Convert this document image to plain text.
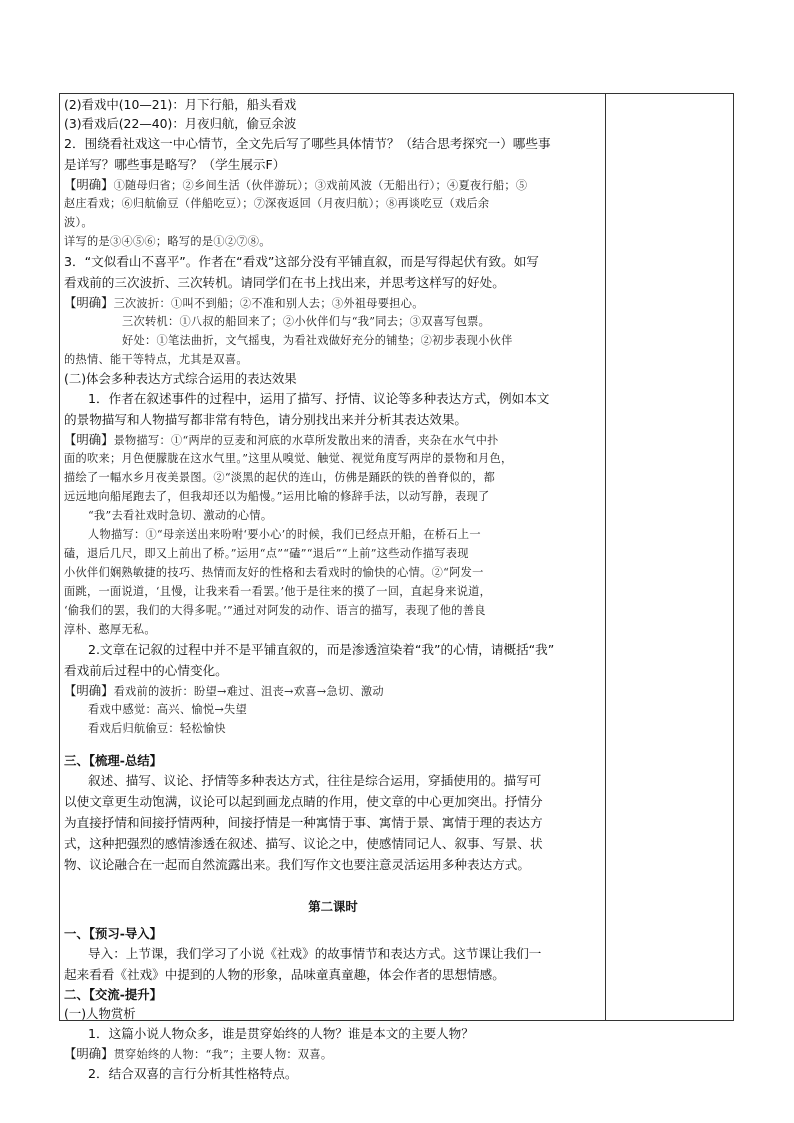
(2)看戏中(10—21)：月下行船，船头看戏
(3)看戏后(22—40)：月夜归航，偷豆余波
2．围绕看社戏这一中心情节，全文先后写了哪些具体情节？（结合思考探究一）哪些事
是详写？哪些事是略写？（学生展示F）
【明确】①随母归省；②乡间生活（伙伴游玩）；③戏前风波（无船出行）；④夏夜行船；⑤
赵庄看戏；⑥归航偷豆（伴船吃豆）；⑦深夜返回（月夜归航）；⑧再谈吃豆（戏后余
波）。
详写的是③④⑤⑥；略写的是①②⑦⑧。
3．“文似看山不喜平”。作者在“看戏”这部分没有平铺直叙，而是写得起伏有致。如写
看戏前的三次波折、三次转机。请同学们在书上找出来，并思考这样写的好处。
【明确】三次波折：①叫不到船；②不准和别人去；③外祖母要担心。
三次转机：①八叔的船回来了；②小伙伴们与“我”同去；③双喜写包票。
好处：①笔法曲折，文气摇曳，为看社戏做好充分的铺垫；②初步表现小伙伴
的热情、能干等特点，尤其是双喜。
(二)体会多种表达方式综合运用的表达效果
1．作者在叙述事件的过程中，运用了描写、抒情、议论等多种表达方式，例如本文
的景物描写和人物描写都非常有特色，请分别找出来并分析其表达效果。
【明确】景物描写：①“两岸的豆麦和河底的水草所发散出来的清香，夹杂在水气中扑
面的吹来；月色便朦胧在这水气里。”这里从嗅觉、触觉、视觉角度写两岸的景物和月色，
描绘了一幅水乡月夜美景图。②“淡黑的起伏的连山，仿佛是踊跃的铁的兽脊似的，都
远远地向船尾跑去了，但我却还以为船慢。”运用比喻的修辞手法，以动写静，表现了
“我”去看社戏时急切、激动的心情。
人物描写：①“母亲送出来吩咐‘要小心’的时候，我们已经点开船，在桥石上一
磕，退后几尺，即又上前出了桥。”运用“点”“磕”“退后”“上前”这些动作描写表现
小伙伴们娴熟敏捷的技巧、热情而友好的性格和去看戏时的愉快的心情。②“阿发一
面跳，一面说道，‘且慢，让我来看一看罢。’他于是往来的摸了一回，直起身来说道，
‘偷我们的罢，我们的大得多呢。’”通过对阿发的动作、语言的描写，表现了他的善良
淳朴、憨厚无私。
2.文章在记叙的过程中并不是平铺直叙的，而是渗透渲染着“我”的心情，请概括“我”
看戏前后过程中的心情变化。
【明确】看戏前的波折：盼望→难过、沮丧→欢喜→急切、激动
看戏中感觉：高兴、愉悦→失望
看戏后归航偷豆：轻松愉快
三、【梳理-总结】
叙述、描写、议论、抒情等多种表达方式，往往是综合运用，穿插使用的。描写可
以使文章更生动饱满，议论可以起到画龙点睛的作用，使文章的中心更加突出。抒情分
为直接抒情和间接抒情两种，间接抒情是一种寓情于事、寓情于景、寓情于理的表达方
式，这种把强烈的感情渗透在叙述、描写、议论之中，使感情同记人、叙事、写景、状
物、议论融合在一起而自然流露出来。我们写作文也要注意灵活运用多种表达方式。
第二课时
一、【预习-导入】
导入：上节课，我们学习了小说《社戏》的故事情节和表达方式。这节课让我们一
起来看看《社戏》中提到的人物的形象，品味童真童趣，体会作者的思想情感。
二、【交流-提升】
(一)人物赏析
1．这篇小说人物众多，谁是贯穿始终的人物？谁是本文的主要人物？
【明确】贯穿始终的人物：“我”；主要人物：双喜。
2．结合双喜的言行分析其性格特点。
